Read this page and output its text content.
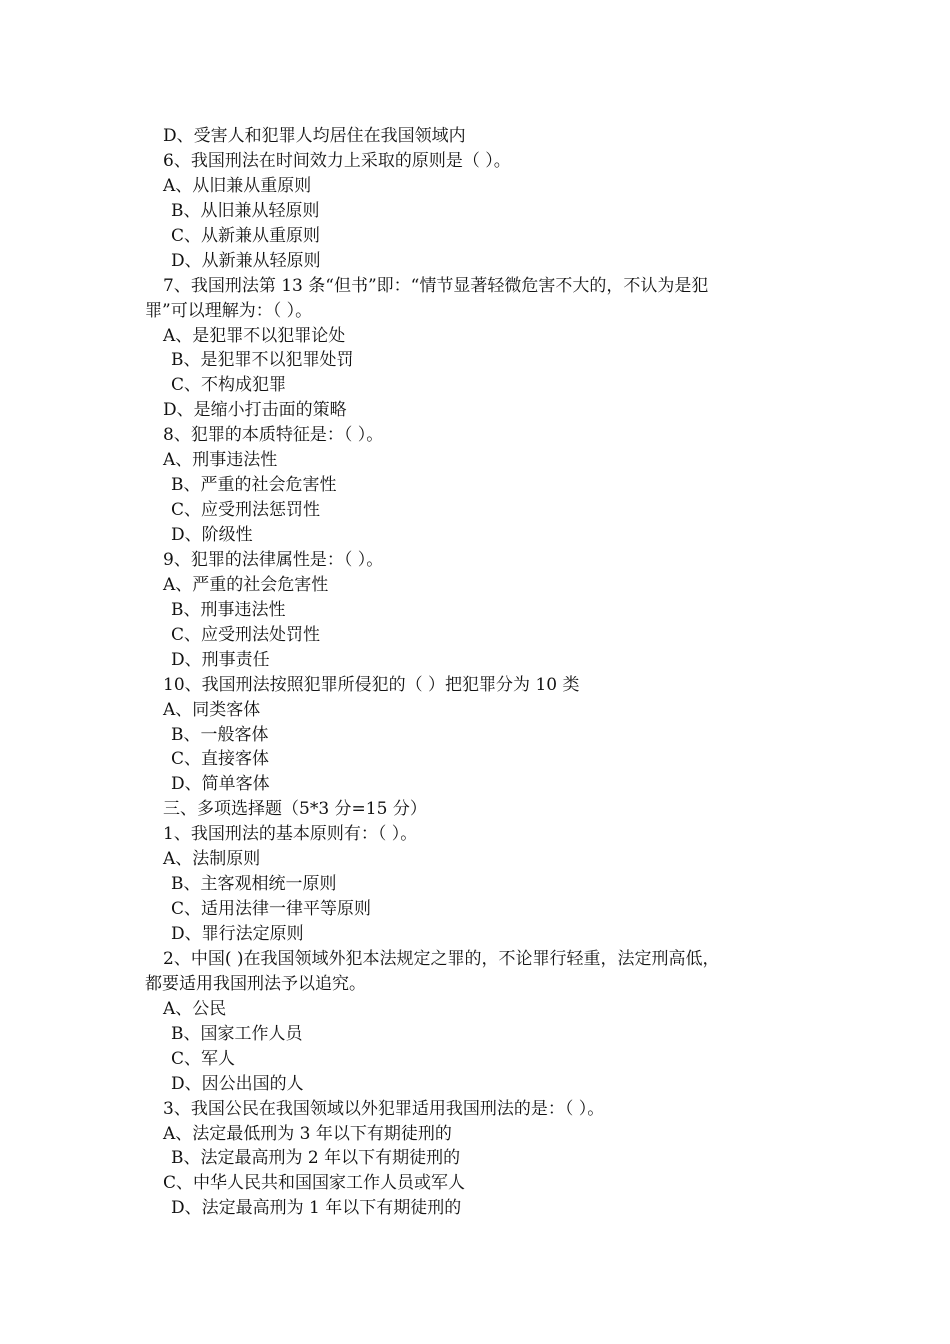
D、受害人和犯罪人均居住在我国领域内
6、我国刑法在时间效力上采取的原则是（ ）。
A、从旧兼从重原则
B、从旧兼从轻原则
C、从新兼从重原则
D、从新兼从轻原则
7、我国刑法第 13 条“但书”即：“情节显著轻微危害不大的，不认为是犯
罪”可以理解为：（ ）。
A、是犯罪不以犯罪论处
B、是犯罪不以犯罪处罚
C、不构成犯罪
D、是缩小打击面的策略
8、犯罪的本质特征是：（ ）。
A、刑事违法性
B、严重的社会危害性
C、应受刑法惩罚性
D、阶级性
9、犯罪的法律属性是：（ ）。
A、严重的社会危害性
B、刑事违法性
C、应受刑法处罚性
D、刑事责任
10、我国刑法按照犯罪所侵犯的（ ）把犯罪分为 10 类
A、同类客体
B、一般客体
C、直接客体
D、简单客体
三、多项选择题（5*3 分=15 分）
1、我国刑法的基本原则有：（ ）。
A、法制原则
B、主客观相统一原则
C、适用法律一律平等原则
D、罪行法定原则
2、中国( )在我国领域外犯本法规定之罪的，不论罪行轻重，法定刑高低，
都要适用我国刑法予以追究。
A、公民
B、国家工作人员
C、军人
D、因公出国的人
3、我国公民在我国领域以外犯罪适用我国刑法的是：（ ）。
A、法定最低刑为 3 年以下有期徒刑的
B、法定最高刑为 2 年以下有期徒刑的
C、中华人民共和国国家工作人员或军人
D、法定最高刑为 1 年以下有期徒刑的
